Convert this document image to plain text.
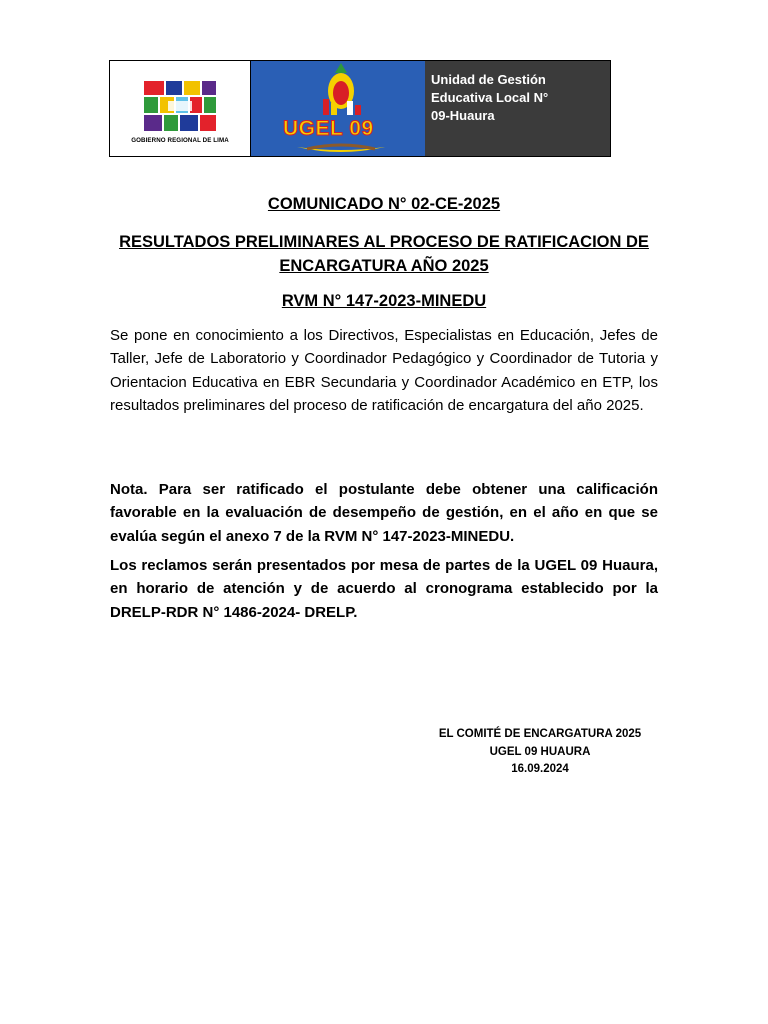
GOBIERNO REGIONAL DE LIMA
Unidad de Gestión
Educativa Local N°
09-Huaura
UGEL 09
COMUNICADO N° 02-CE-2025
RESULTADOS PRELIMINARES AL PROCESO DE RATIFICACION DE
ENCARGATURA AÑO 2025
RVM N° 147-2023-MINEDU

Se pone en conocimiento a los Directivos, Especialistas en Educación, Jefes de Taller, Jefe de Laboratorio y Coordinador Pedagógico y Coordinador de Tutoria y Orientacion Educativa en EBR Secundaria y Coordinador Académico en ETP, los resultados preliminares del proceso de ratificación de encargatura del año 2025.

Nota. Para ser ratificado el postulante debe obtener una calificación favorable en la evaluación de desempeño de gestión, en el año en que se evalúa según el anexo 7 de la RVM N° 147-2023-MINEDU.

Los reclamos serán presentados por mesa de partes de la UGEL 09 Huaura, en horario de atención y de acuerdo al cronograma establecido por la DRELP-RDR N° 1486-2024- DRELP.

EL COMITÉ DE ENCARGATURA 2025
UGEL 09 HUAURA
16.09.2024
